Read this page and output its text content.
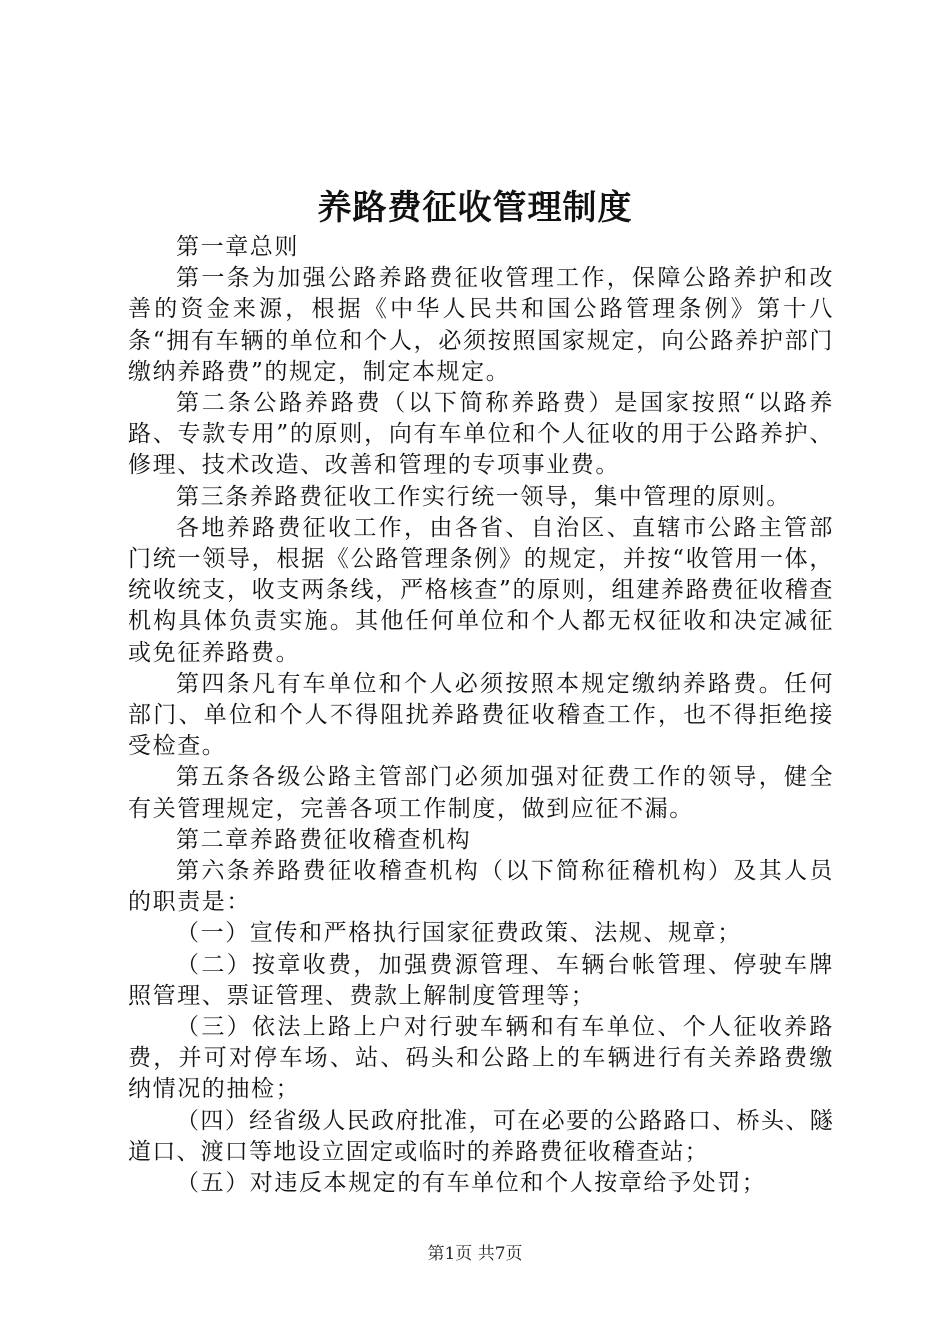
养路费征收管理制度

第一章总则

第一条为加强公路养路费征收管理工作，保障公路养护和改善的资金来源，根据《中华人民共和国公路管理条例》第十八条“拥有车辆的单位和个人，必须按照国家规定，向公路养护部门缴纳养路费”的规定，制定本规定。

第二条公路养路费（以下简称养路费）是国家按照“以路养路、专款专用”的原则，向有车单位和个人征收的用于公路养护、修理、技术改造、改善和管理的专项事业费。

第三条养路费征收工作实行统一领导，集中管理的原则。

各地养路费征收工作，由各省、自治区、直辖市公路主管部门统一领导，根据《公路管理条例》的规定，并按“收管用一体，统收统支，收支两条线，严格核查”的原则，组建养路费征收稽查机构具体负责实施。其他任何单位和个人都无权征收和决定减征或免征养路费。

第四条凡有车单位和个人必须按照本规定缴纳养路费。任何部门、单位和个人不得阻扰养路费征收稽查工作，也不得拒绝接受检查。

第五条各级公路主管部门必须加强对征费工作的领导，健全有关管理规定，完善各项工作制度，做到应征不漏。

第二章养路费征收稽查机构

第六条养路费征收稽查机构（以下简称征稽机构）及其人员的职责是：

（一）宣传和严格执行国家征费政策、法规、规章；

（二）按章收费，加强费源管理、车辆台帐管理、停驶车牌照管理、票证管理、费款上解制度管理等；

（三）依法上路上户对行驶车辆和有车单位、个人征收养路费，并可对停车场、站、码头和公路上的车辆进行有关养路费缴纳情况的抽检；

（四）经省级人民政府批准，可在必要的公路路口、桥头、隧道口、渡口等地设立固定或临时的养路费征收稽查站；

（五）对违反本规定的有车单位和个人按章给予处罚；

第1页 共7页
